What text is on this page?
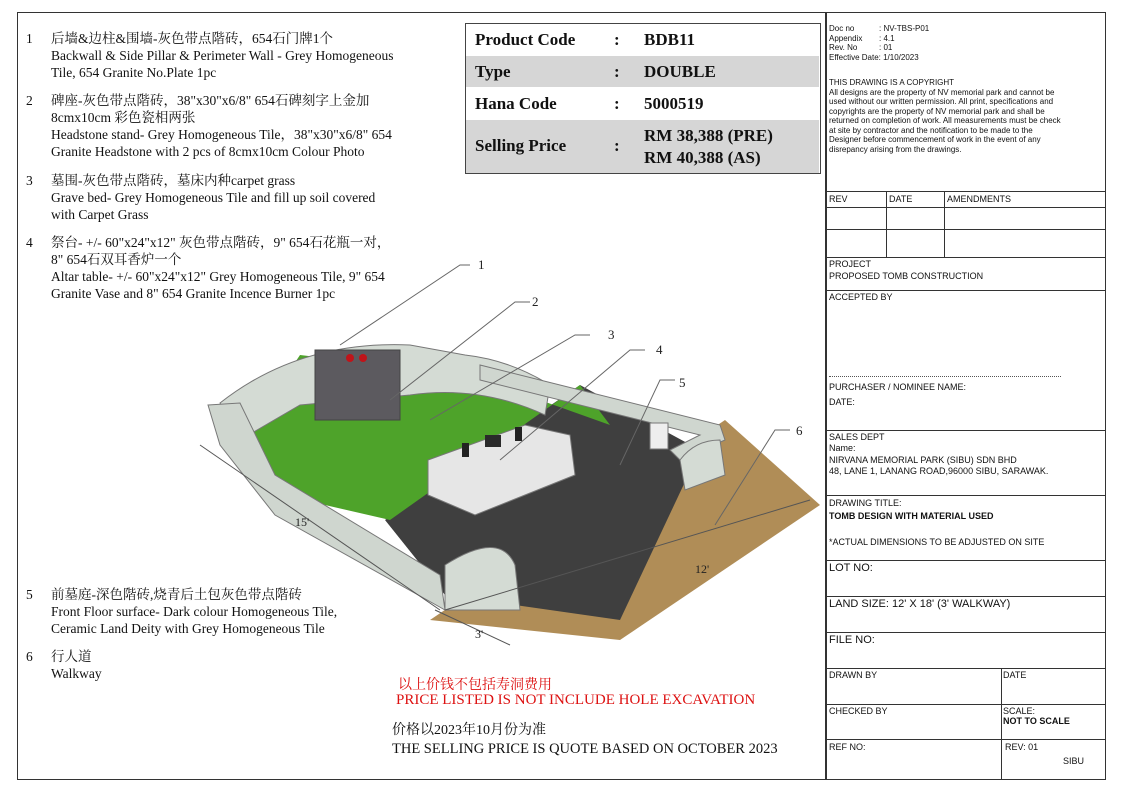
1	后墙&边柱&围墙-灰色带点階砖，654石门牌1个
Backwall & Side Pillar & Perimeter Wall - Grey Homogeneous
Tile, 654 Granite No.Plate 1pc
2	碑座-灰色带点階砖，38"x30"x6/8" 654石碑刻字上金加
8cmx10cm 彩色瓷相两张
Headstone stand- Grey Homogeneous Tile，38"x30"x6/8" 654
Granite Headstone with 2 pcs of 8cmx10cm Colour Photo
3	墓围-灰色带点階砖，墓床内种carpet grass
Grave bed- Grey Homogeneous Tile and fill up soil covered
with Carpet Grass
4	祭台- +/- 60"x24"x12" 灰色带点階砖，9" 654石花瓶一对，
8" 654石双耳香炉一个
Altar table- +/- 60"x24"x12" Grey Homogeneous Tile, 9" 654
Granite Vase and 8" 654 Granite Incence Burner 1pc
5	前墓庭-深色階砖,烧青后土包灰色带点階砖
Front Floor surface- Dark colour Homogeneous Tile,
Ceramic Land Deity with Grey Homogeneous Tile
6	行人道
Walkway
Product Code : BDB11
Type	: DOUBLE
Hana Code	: 5000519
Selling Price	:
RM 38,388 (PRE)
RM 40,388 (AS)
1
2
3
4
5
6
15'
12'
3'
以上价钱不包括寿洞费用
PRICE LISTED IS NOT INCLUDE HOLE EXCAVATION
价格以2023年10月份为准
THE SELLING PRICE IS QUOTE BASED ON OCTOBER 2023
Doc no	: NV-TBS-P01
Appendix : 4.1
Rev. No	: 01
Effective Date: 1/10/2023
THIS DRAWING IS A COPYRIGHT
All designs are the property of NV memorial park and cannot be
used without our written permission. All print, specifications and
copyrights are the property of NV memorial park and shall be
returned on completion of work. All measurements must be check
at site by contractor and the notification to be made to the
Designer before commencement of work in the event of any
disrepancy arising from the drawings.
REV	DATE	AMENDMENTS
PROJECT
PROPOSED TOMB CONSTRUCTION
ACCEPTED BY
PURCHASER / NOMINEE NAME:
DATE:
SALES DEPT
Name:
NIRVANA MEMORIAL PARK (SIBU) SDN BHD
48, LANE 1, LANANG ROAD,96000 SIBU, SARAWAK.
DRAWING TITLE:
TOMB DESIGN WITH MATERIAL USED
*ACTUAL DIMENSIONS TO BE ADJUSTED ON SITE
LOT NO:
LAND SIZE: 12' X 18' (3' WALKWAY)
FILE NO:
DRAWN BY	DATE
CHECKED BY	SCALE:
NOT TO SCALE
REF NO:	REV: 01
SIBU
